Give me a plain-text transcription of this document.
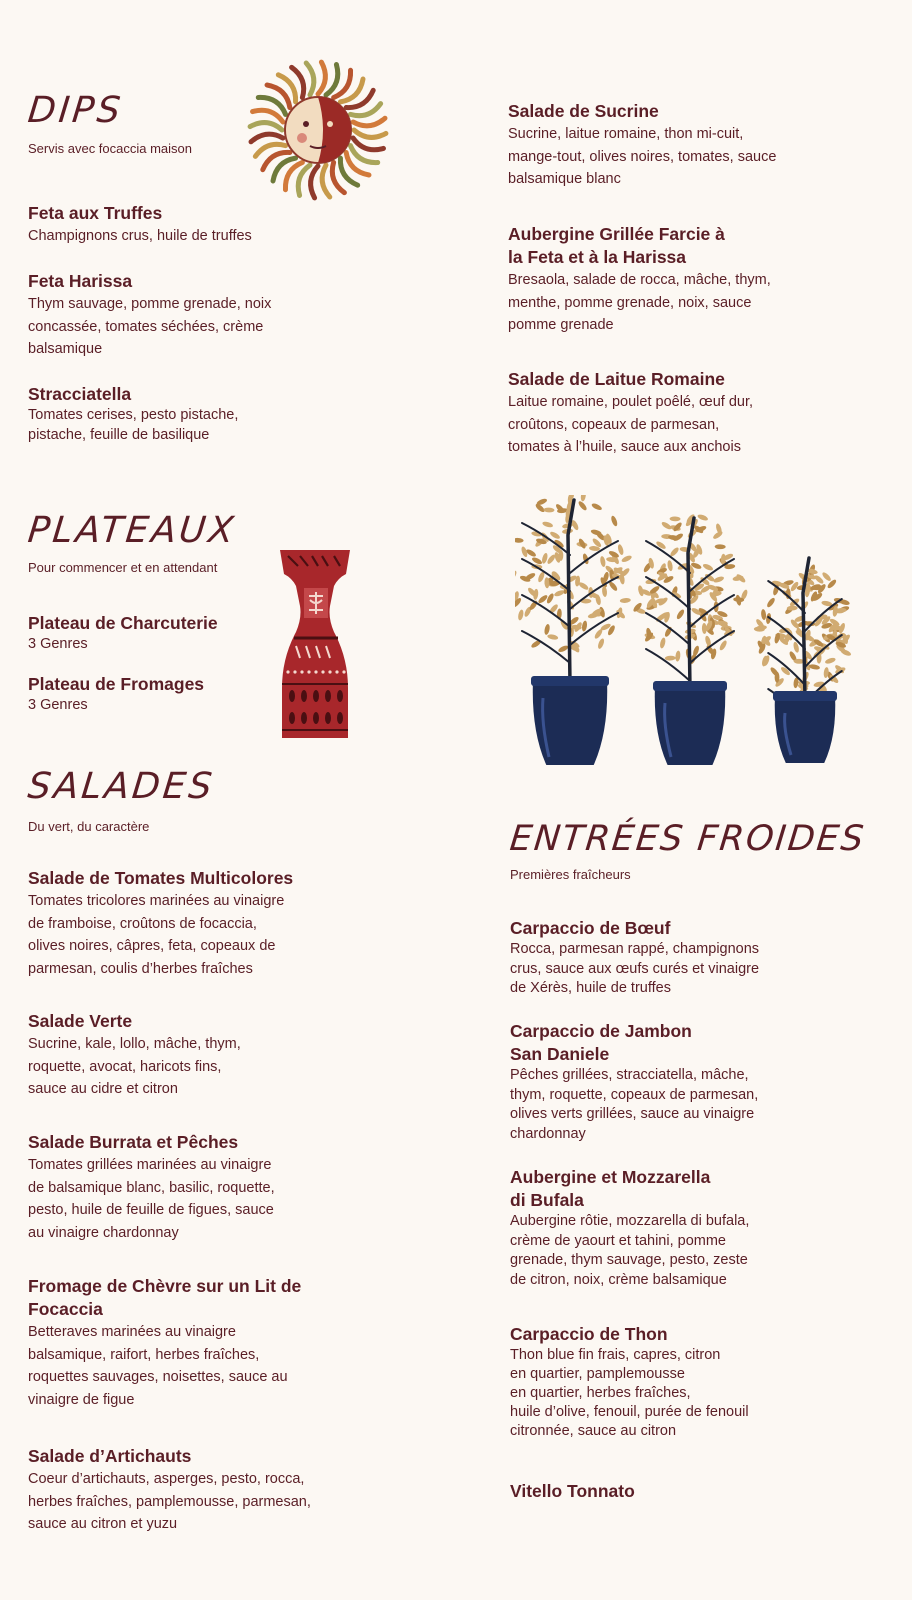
DIPS

Servis avec focaccia maison

Feta aux Truffes

Champignons crus, huile de truffes

Feta Harissa

Thym sauvage, pomme grenade, noix
concassée, tomates séchées, crème
balsamique

Stracciatella

Tomates cerises, pesto pistache,
pistache, feuille de basilique

PLATEAUX

Pour commencer et en attendant

Plateau de Charcuterie

3 Genres

Plateau de Fromages

3 Genres

SALADES

Du vert, du caractère

Salade de Tomates Multicolores

Tomates tricolores marinées au vinaigre
de framboise, croûtons de focaccia,
olives noires, câpres, feta, copeaux de
parmesan, coulis d’herbes fraîches

Salade Verte

Sucrine, kale, lollo, mâche, thym,
roquette, avocat, haricots fins,
sauce au cidre et citron

Salade Burrata et Pêches

Tomates grillées marinées au vinaigre
de balsamique blanc, basilic, roquette,
pesto, huile de feuille de figues, sauce
au vinaigre chardonnay

Fromage de Chèvre sur un Lit de
Focaccia

Betteraves marinées au vinaigre
balsamique, raifort, herbes fraîches,
roquettes sauvages, noisettes, sauce au
vinaigre de figue

Salade d’Artichauts

Coeur d’artichauts, asperges, pesto, rocca,
herbes fraîches, pamplemousse, parmesan,
sauce au citron et yuzu

Salade de Sucrine

Sucrine, laitue romaine, thon mi-cuit,
mange-tout, olives noires, tomates, sauce
balsamique blanc

Aubergine Grillée Farcie à
la Feta et à la Harissa

Bresaola, salade de rocca, mâche, thym,
menthe, pomme grenade, noix, sauce
pomme grenade

Salade de Laitue Romaine

Laitue romaine, poulet poêlé, œuf dur,
croûtons, copeaux de parmesan,
tomates à l’huile, sauce aux anchois

ENTRÉES FROIDES

Premières fraîcheurs

Carpaccio de Bœuf

Rocca, parmesan rappé, champignons
crus, sauce aux œufs curés et vinaigre
de Xérès, huile de truffes

Carpaccio de Jambon
San Daniele

Pêches grillées, stracciatella, mâche,
thym, roquette, copeaux de parmesan,
olives verts grillées, sauce au vinaigre
chardonnay

Aubergine et Mozzarella
di Bufala

Aubergine rôtie, mozzarella di bufala,
crème de yaourt et tahini, pomme
grenade, thym sauvage, pesto, zeste
de citron, noix, crème balsamique

Carpaccio de Thon

Thon blue fin frais, capres, citron
en quartier, pamplemousse
en quartier, herbes fraîches,
huile d’olive, fenouil, purée de fenouil
citronnée, sauce au citron

Vitello Tonnato
